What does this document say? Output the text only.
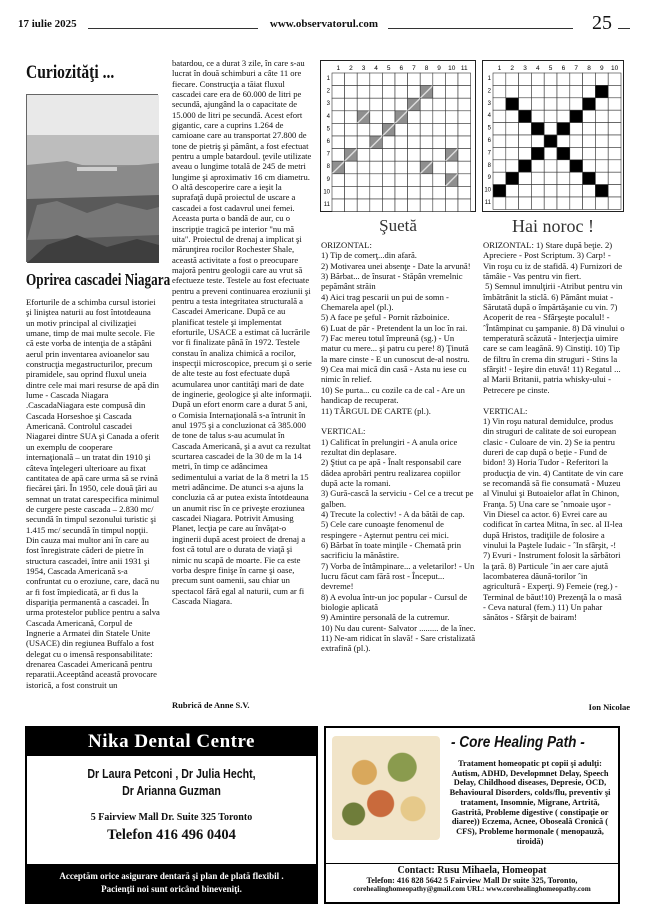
17 iulie 2025	www.observatorul.com	25
Curiozităţi ...
Oprirea cascadei Niagara

Eforturile de a schimba cursul istoriei şi liniştea naturii au fost întotdeauna un motiv principal al civilizaţiei umane, timp de mai multe secole. Fie că este vorba de intenţia de a stăpâni aerul prin inventarea avioanelor sau construcţia megastructurilor, precum piramidele, sau oprind fluxul uneia dintre cele mai mari resurse de apă din lume - Cascada Niagara .CascadaNiagara este compusă din Cascada Horseshoe şi Cascada Americană. Controlul cascadei Niagarei dintre SUA şi Canada a oferit un exemplu de cooperare internaţională – un tratat din 1910 şi câteva înţelegeri ulterioare au fixat cantitatea de apă care urma să se rvină fiecărei ţări. În 1950, cele două ţări au semnat un tratat carespecifica minimul de curgere peste cascada – 2.830 mc/ secundă în timpul sezonului turistic şi 1.415 mc/ secundă în timpul nopţii. Din cauza mai multor ani în care au fost înregistrate căderi de pietre în structura cascadei, între anii 1931 şi 1954, Cascada Americană s-a confruntat cu o eroziune, care, dacă nu ar fi fost împiedicată, ar fi dus la dispariţia permanentă a cascadei. În urma protestelor publice pentru a salva Cascada Americană, Corpul de Ingnerie a Armatei din Statele Unite (USACE) din regiunea Buffalo a fost delegat cu o imensă responsabilitate: drenarea Cascadei Americană pentru reparatii.Aceeptând această provocare istorică, a fost construit un

batardou, ce a durat 3 zile, în care s-au lucrat în două schimburi a câte 11 ore fiecare. Construcţia a tăiat fluxul cascadei care era de 60.000 de litri pe secundă, ajungând la o capacitate de 15.000 de litri pe secundă. Acest efort gigantic, care a cuprins 1.264 de camioane care au transportat 27.800 de tone de pietriş şi pământ, a fost efectuat pentru a umple batardoul. ţevile utilizate aveau o lungime totală de 245 de metri lungime şi aproximativ 16 cm diametru. O altă descoperire care a ieşit la suprafaţă după proiectul de uscare a cascadei a fost cadavrul unei femei. Aceasta purta o bandă de aur, cu o inscripţie tragică pe interior "nu mă uita". Proiectul de drenaj a implicat şi mărunţirea rocilor Rochester Shale, această activitate a fost o preocupare majoră pentru geologii care au vrut să efectueze teste. Testele au fost efectuate pentru a preveni continuarea eroziunii şi pentru a testa integritatea structurală a Cascadei Americane. După ce au planificat testele şi implementat eforturile, USACE a estimat că lucrările vor fi finalizate până în 1972. Testele constau în analiza chimică a rocilor, inspecţii microscopice, precum şi o serie de alte teste au fost efectuate după acumularea unor cantităţi mari de date de inginerie, geologice şi alte informaţii. După un efort enorm care a durat 5 ani, o Comisia Internaţională s-a întrunit în anul 1975 şi a concluzionat că 385.000 de tone de talus s-au acumulat în Cascada Americană, şi a avut ca rezultat scurtarea cascadei de la 30 de m la 14 metri, în timp ce adâncimea sedimentului a variat de la 8 metri la 15 metri adâncime. De atunci s-a ajuns la concluzia că ar putea exista întotdeauna un anumit risc în ce priveşte eroziunea cascadei Niagara. Potrivit Amusing Planet, lecţia pe care au învăţat-o inginerii după acest proiect de drenaj a fost că totul are o durata de viaţă şi nimic nu scapă de moarte. Fie ca este vorba despre finişe în carne şi oase, precum sunt oamenii, sau chiar un spectacol fără egal al naturii, cum ar fi Cascada Niagara.

Rubrică de Anne S.V.
1 2 3 4 5 6 7 8 9 10 11
1
2
3
4
5
6
7
8
9
10
11
Şuetă
ORIZONTAL:
1) Tip de comerţ...din afară.
2) Motivarea unei absenţe - Date la arvună! 3) Bărbat... de însurat - Stăpân vremelnic pepământ străin
4) Aici trag pescarii un pui de somn - Chemarela apel (pl.).
5) A face pe şeful - Pornit războinice.
6) Luat de păr - Pretendent la un loc în rai. 7) Fac mereu totul împreună (sg.) - Un matur cu mere... şi patru cu pere! 8) Ţinută la mare cinste - E un cunoscut de-al nostru.
9) Cea mai mică din casă - Asta nu iese cu nimic în relief.
10) Se purta... cu cozile ca de cal - Are un handicap de recuperat.
11) TÂRGUL DE CARTE (pl.).

VERTICAL:
1) Calificat în prelungiri - A anula orice rezultat din deplasare.
2) Ştiut ca pe apă - Înalt responsabil care dădea aprobări pentru realizarea copiilor după acte la romani.
3) Gură-cască la serviciu - Cel ce a trecut pe galben.
4) Trecute la colectiv! - A da bătăi de cap.
5) Cele care cunoaşte fenomenul de respingere - Aşternut pentru cei mici.
6) Bărbat în toate minţile - Chemată prin sacrificiu la mănăstire.
7) Vorba de întâmpinare... a veletarilor! - Un lucru făcut cam fără rost - Început... devreme!
8) A evolua într-un joc popular - Cursul de biologie aplicată
9) Amintire personală de la cutremur.
10) Nu dau curent- Salvator ......... de la înec.
11) Ne-am ridicat în slavă! - Sare cristalizată extrafină (pl.).
1 2 3 4 5 6 7 8 9 10
1
2
3
4
5
6
7
8
9
10
11
Hai noroc !
ORIZONTAL: 1) Stare după beţie. 2) Apreciere - Post Scriptum. 3) Carp! - Vin roşu cu iz de stafidă. 4) Furnizori de tămâie - Vas pentru vin fiert.
5) Semnul imnulţirii -Atribut pentru vin îmbătrânit la sticlă. 6) Pământ muiat - Sărutată după o împărtăşanie cu vin. 7) Acoperit de rea - Sfârşeşte pocalul! - ˆÎntâmpinat cu şampanie. 8) Dă vinului o temperatură scăzută - Interjecţia uimire care se cam leagănă. 9) Cinstiţi. 10) Tip de filtru în crema din struguri - Stins la sfârşit! - Ieşire din etuvă! 11) Regatul ... al Marii Britanii, patria whisky-ului - Petrecere pe cinste.

VERTICAL:
1) Vin roşu natural demidulce, produs din struguri de calitate de soi european clasic - Culoare de vin. 2) Se ia pentru dureri de cap după o beţie - Fund de bidon! 3) Horia Tudor - Referitori la producţia de vin. 4) Cantitate de vin care se recomandă să fie consumată - Muzeu al Vinului şi Butoaielor aflat în Chinon, Franţa. 5) Una care se ˆnmoaie uşor - Vin Diesel ca actor. 6) Evrei care au codificat în cartea Mitna, în sec. al II-lea după Hristos, tradiţiile de folosire a vinului la Paştele Iudaic - ˆIn sfârşit, -! 7) Evuri - Instrument folosit la sărbători la ţară. 8) Particule ˆin aer care ajută lacombaterea dăună-torilor ˆin agricultură - Experţi. 9) Femeie (reg.) - Terminal de băut!10) Prezenţă la o masă - Ceva natural (fem.) 11) Un pahar sănătos - Sfârşit de bairam!
Ion Nicolae
Nika Dental Centre
Dr Laura Petconi , Dr Julia Hecht,
Dr Arianna Guzman
5 Fairview Mall Dr. Suite 325 Toronto
Telefon 416 496 0404
Acceptăm orice asigurare dentară şi plan de plată flexibil .
Pacienţii noi sunt oricând bineveniţi.
- Core Healing Path -
Tratament homeopatic pt copii şi adulţi: Autism, ADHD, Developmnet Delay, Speech Delay, Childhood diseases, Depresie, OCD, Behavioural Disorders, colds/flu, preventiv şi tratament, Insomnie, Migrane, Artrită, Gastrită, Probleme digestive ( constipaţie or diaree)) Eczema, Acnee, Obosealâ Cronică ( CFS), Probleme hormonale ( menopauză, tiroidă)
Contact: Rusu Mihaela, Homeopat
Telefon: 416 828 5642 5 Fairview Mall Dr suite 325, Toronto,
corehealinghomeopathy@gmail.com URL: www.corehealinghomeopathy.com
